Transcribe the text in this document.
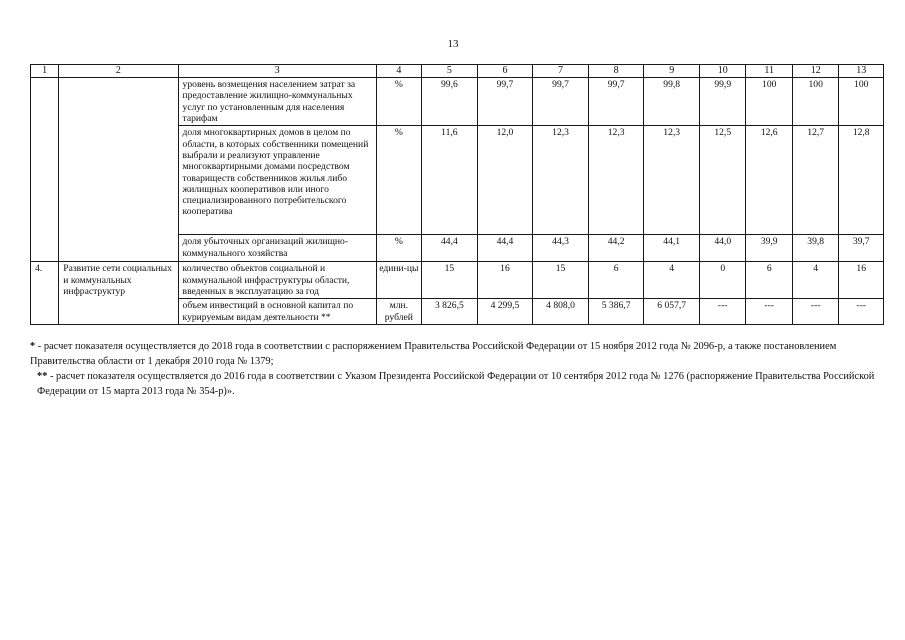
13
1	2	3	4	5	6	7	8	9	10	11	12	13
		уровень возмещения населением затрат за предоставление жилищно-коммунальных услуг по установленным для населения тарифам	%	99,6	99,7	99,7	99,7	99,8	99,9	100	100	100
		доля многоквартирных домов в целом по области, в которых собственники помещений выбрали и реализуют управление многоквартирными домами посредством товариществ собственников жилья либо жилищных кооперативов или иного специализированного потребительского кооператива	%	11,6	12,0	12,3	12,3	12,3	12,5	12,6	12,7	12,8
		доля убыточных организаций жилищно-коммунального хозяйства	%	44,4	44,4	44,3	44,2	44,1	44,0	39,9	39,8	39,7
4.	Развитие сети социальных и коммунальных инфраструктур	количество объектов социальной и коммунальной инфраструктуры области, введенных в эксплуатацию за год	едини-цы	15	16	15	6	4	0	6	4	16
		объем инвестиций в основной капитал по курируемым видам деятельности **	млн. рублей	3 826,5	4 299,5	4 808,0	5 386,7	6 057,7	---	---	---	---

* - расчет показателя осуществляется до 2018 года в соответствии с распоряжением Правительства Российской Федерации от 15 ноября 2012 года № 2096-р, а также постановлением Правительства области от 1 декабря 2010 года № 1379;

** - расчет показателя осуществляется до 2016 года в соответствии с Указом Президента Российской Федерации от 10 сентября 2012 года № 1276 (распоряжение Правительства Российской Федерации от 15 марта 2013 года № 354-р)».
